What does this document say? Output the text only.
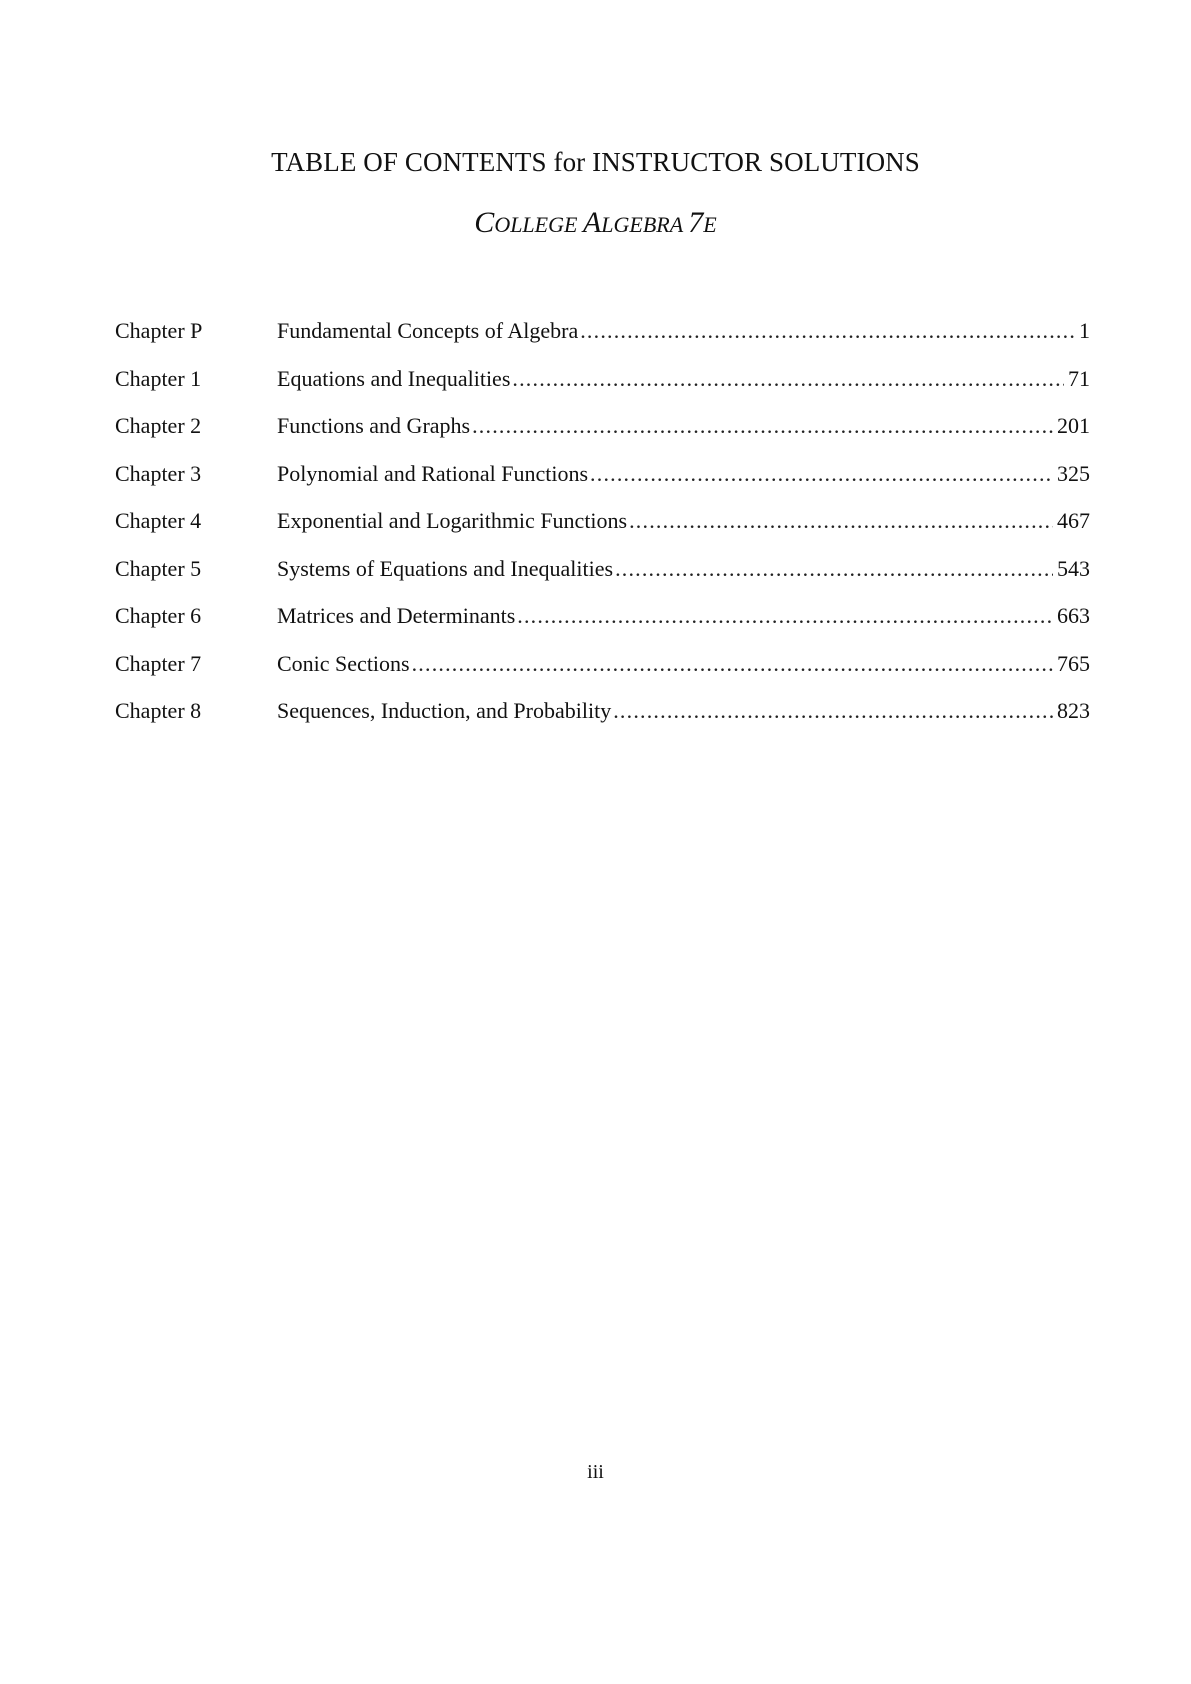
TABLE OF CONTENTS for INSTRUCTOR SOLUTIONS
COLLEGE ALGEBRA 7E
Chapter P	Fundamental Concepts of Algebra .....	1
Chapter 1	Equations and Inequalities .....	71
Chapter 2	Functions and Graphs .....	201
Chapter 3	Polynomial and Rational Functions .....	325
Chapter 4	Exponential and Logarithmic Functions .....	467
Chapter 5	Systems of Equations and Inequalities .....	543
Chapter 6	Matrices and Determinants .....	663
Chapter 7	Conic Sections .....	765
Chapter 8	Sequences, Induction, and Probability .....	823
iii
